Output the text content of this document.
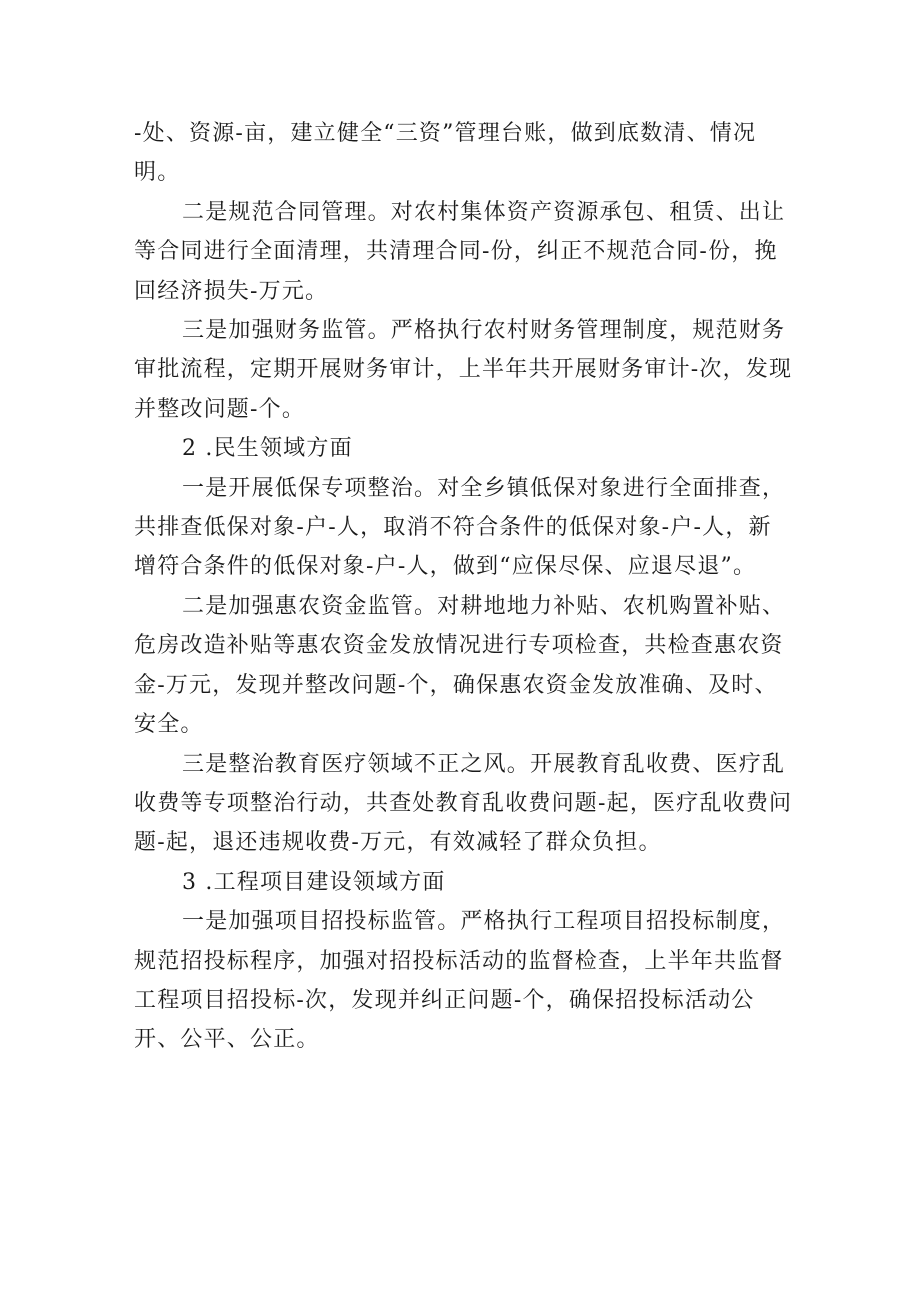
-处、资源-亩，建立健全“三资”管理台账，做到底数清、情况明。

二是规范合同管理。对农村集体资产资源承包、租赁、出让等合同进行全面清理，共清理合同-份，纠正不规范合同-份，挽回经济损失-万元。

三是加强财务监管。严格执行农村财务管理制度，规范财务审批流程，定期开展财务审计，上半年共开展财务审计-次，发现并整改问题-个。

2 .民生领域方面

一是开展低保专项整治。对全乡镇低保对象进行全面排查，共排查低保对象-户-人，取消不符合条件的低保对象-户-人，新增符合条件的低保对象-户-人，做到“应保尽保、应退尽退”。

二是加强惠农资金监管。对耕地地力补贴、农机购置补贴、危房改造补贴等惠农资金发放情况进行专项检查，共检查惠农资金-万元，发现并整改问题-个，确保惠农资金发放准确、及时、安全。

三是整治教育医疗领域不正之风。开展教育乱收费、医疗乱收费等专项整治行动，共查处教育乱收费问题-起，医疗乱收费问题-起，退还违规收费-万元，有效减轻了群众负担。

3 .工程项目建设领域方面

一是加强项目招投标监管。严格执行工程项目招投标制度，规范招投标程序，加强对招投标活动的监督检查，上半年共监督工程项目招投标-次，发现并纠正问题-个，确保招投标活动公开、公平、公正。
